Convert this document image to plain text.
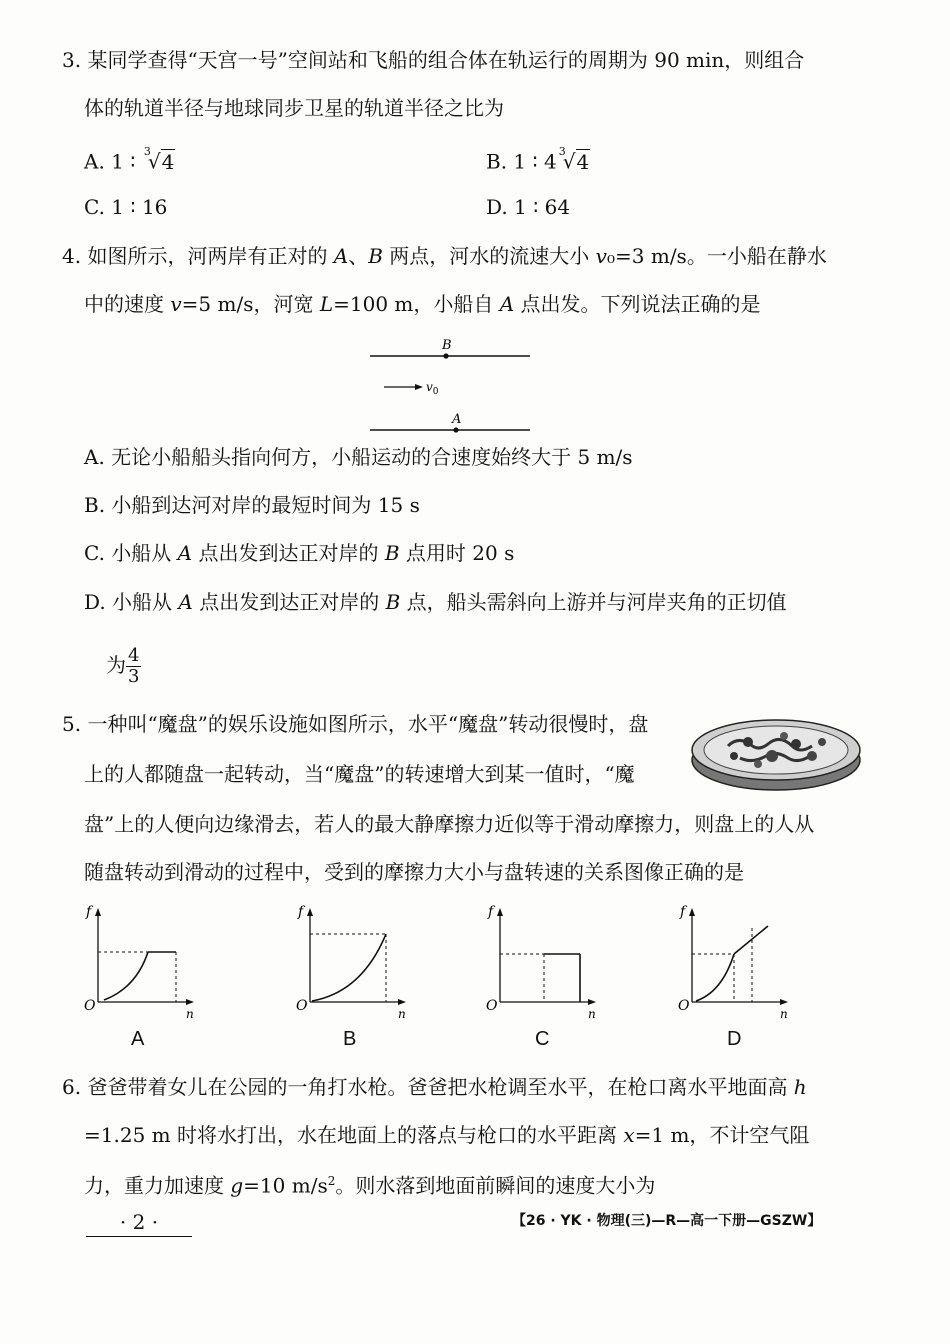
3. 某同学查得“天宫一号”空间站和飞船的组合体在轨运行的周期为 90 min，则组合
体的轨道半径与地球同步卫星的轨道半径之比为
A. 1 ∶ $^3$√4	B. 1 ∶ 4 $^3$√4
C. 1 ∶ 16	D. 1 ∶ 64
4. 如图所示，河两岸有正对的 A、B 两点，河水的流速大小 v₀=3 m/s。一小船在静水
中的速度 v=5 m/s，河宽 L=100 m，小船自 A 点出发。下列说法正确的是
B
$v_0$
A
A. 无论小船船头指向何方，小船运动的合速度始终大于 5 m/s
B. 小船到达河对岸的最短时间为 15 s
C. 小船从 A 点出发到达正对岸的 B 点用时 20 s
D. 小船从 A 点出发到达正对岸的 B 点，船头需斜向上游并与河岸夹角的正切值
为 $\frac{4}{3}$
5. 一种叫“魔盘”的娱乐设施如图所示，水平“魔盘”转动很慢时，盘
上的人都随盘一起转动，当“魔盘”的转速增大到某一值时，“魔
盘”上的人便向边缘滑去，若人的最大静摩擦力近似等于滑动摩擦力，则盘上的人从
随盘转动到滑动的过程中，受到的摩擦力大小与盘转速的关系图像正确的是
f
O	n
A
f
O	n
B
f
O	n
C
f
O	n
D
6. 爸爸带着女儿在公园的一角打水枪。爸爸把水枪调至水平，在枪口离水平地面高 h
=1.25 m 时将水打出，水在地面上的落点与枪口的水平距离 x=1 m，不计空气阻
力，重力加速度 g=10 $m/s^2$。则水落到地面前瞬间的速度大小为
· 2 ·	【26 · YK · 物理(三)—R—高一下册—GSZW】
